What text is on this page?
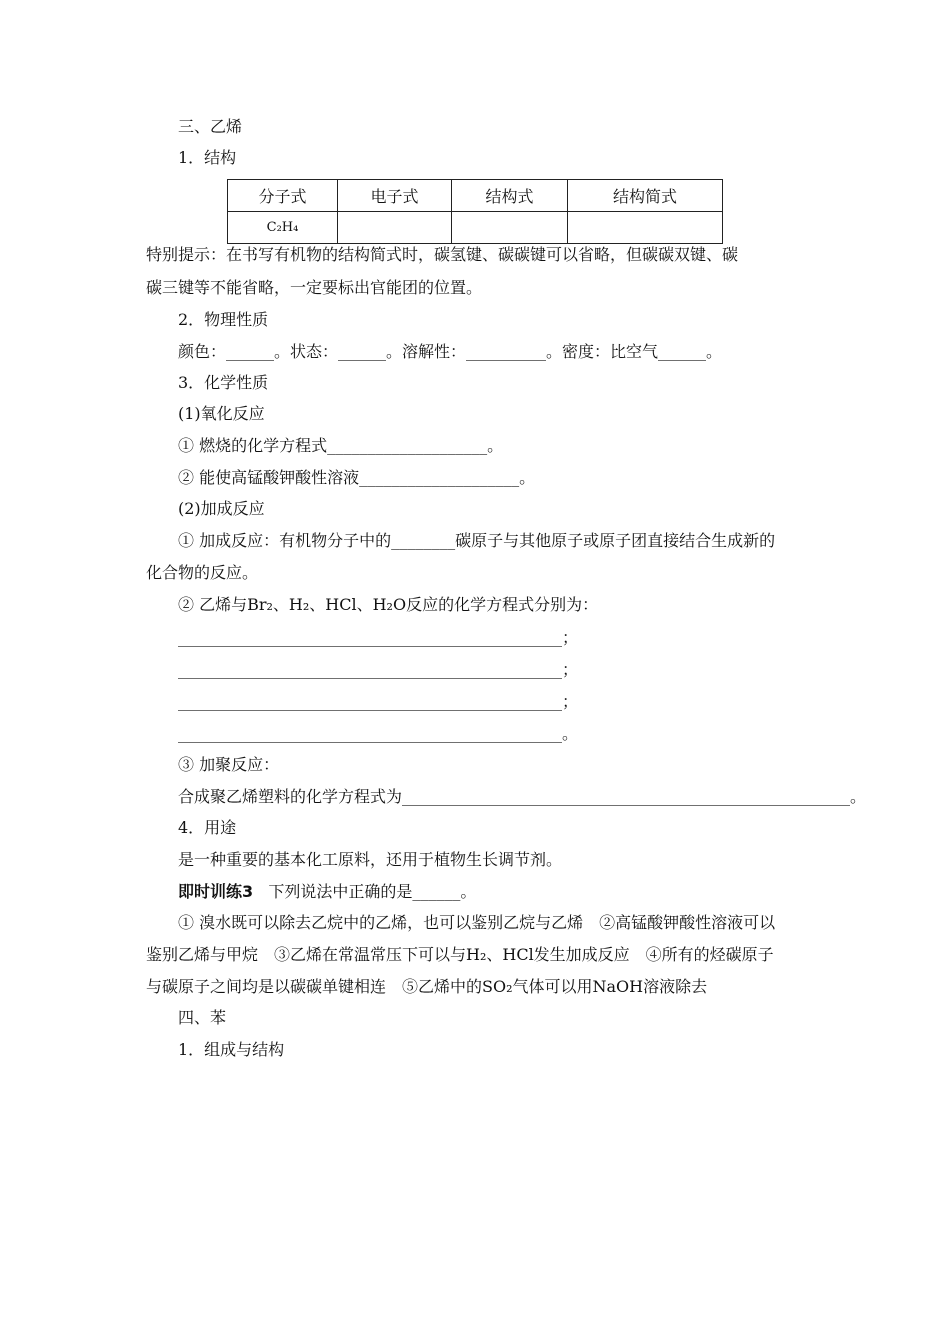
三、乙烯
1．结构
分子式	电子式	结构式	结构简式
C₂H₄			
特别提示：在书写有机物的结构简式时，碳氢键、碳碳键可以省略，但碳碳双键、碳
碳三键等不能省略，一定要标出官能团的位置。
2．物理性质
颜色：______。状态：______。溶解性：__________。密度：比空气______。
3．化学性质
(1)氧化反应
① 燃烧的化学方程式____________________。
② 能使高锰酸钾酸性溶液____________________。
(2)加成反应
① 加成反应：有机物分子中的________碳原子与其他原子或原子团直接结合生成新的
化合物的反应。
② 乙烯与Br₂、H₂、HCl、H₂O反应的化学方程式分别为：
________________________________________________；
________________________________________________；
________________________________________________；
________________________________________________。
③ 加聚反应：
合成聚乙烯塑料的化学方程式为________________________________________________________。
4．用途
是一种重要的基本化工原料，还用于植物生长调节剂。
即时训练3 下列说法中正确的是______。
① 溴水既可以除去乙烷中的乙烯，也可以鉴别乙烷与乙烯　②高锰酸钾酸性溶液可以
鉴别乙烯与甲烷　③乙烯在常温常压下可以与H₂、HCl发生加成反应　④所有的烃碳原子
与碳原子之间均是以碳碳单键相连　⑤乙烯中的SO₂气体可以用NaOH溶液除去
四、苯
1．组成与结构
